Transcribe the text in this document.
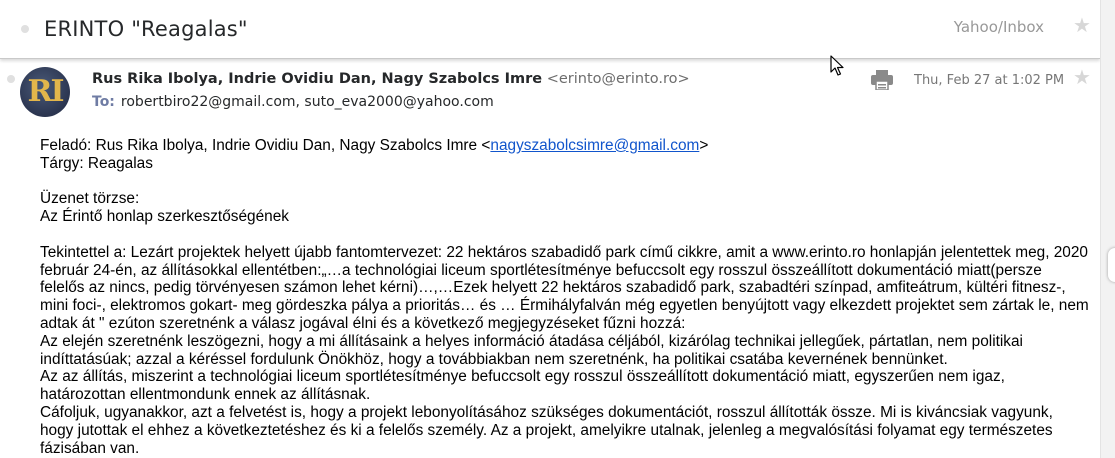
ERINTO "Reagalas"	Yahoo/Inbox ★
RI	Rus Rika Ibolya, Indrie Ovidiu Dan, Nagy Szabolcs Imre <erinto@erinto.ro>
To: robertbiro22@gmail.com, suto_eva2000@yahoo.com
Thu, Feb 27 at 1:02 PM ★

Feladó: Rus Rika Ibolya, Indrie Ovidiu Dan, Nagy Szabolcs Imre <nagyszabolcsimre@gmail.com>

Tárgy: Reagalas

Üzenet törzse:

Az Érintő honlap szerkesztőségének

Tekintettel a: Lezárt projektek helyett újabb fantomtervezet: 22 hektáros szabadidő park című cikkre, amit a www.erinto.ro honlapján jelentettek meg, 2020 február 24-én, az állításokkal ellentétben:„…a technológiai liceum sportlétesítménye befuccsolt egy rosszul összeállított dokumentáció miatt(persze felelős az nincs, pedig törvényesen számon lehet kérni)…,…Ezek helyett 22 hektáros szabadidő park, szabadtéri színpad, amfiteátrum, kültéri fitnesz-, mini foci-, elektromos gokart- meg gördeszka pálya a prioritás… és … Érmihályfalván még egyetlen benyújtott vagy elkezdett projektet sem zártak le, nem adtak át " ezúton szeretnénk a válasz jogával élni és a következő megjegyzéseket fűzni hozzá:

Az elején szeretnénk leszögezni, hogy a mi állításaink a helyes információ átadása céljából, kizárólag technikai jellegűek, pártatlan, nem politikai indíttatásúak; azzal a kéréssel fordulunk Önökhöz, hogy a továbbiakban nem szeretnénk, ha politikai csatába kevernének bennünket.

Az az állítás, miszerint a technológiai liceum sportlétesítménye befuccsolt egy rosszul összeállított dokumentáció miatt, egyszerűen nem igaz, határozottan ellentmondunk ennek az állításnak.

Cáfoljuk, ugyanakkor, azt a felvetést is, hogy a projekt lebonyolításához szükséges dokumentációt, rosszul állították össze. Mi is kiváncsiak vagyunk, hogy jutottak el ehhez a következtetéshez és ki a felelős személy. Az a projekt, amelyikre utalnak, jelenleg a megvalósítási folyamat egy természetes fázisában van.
